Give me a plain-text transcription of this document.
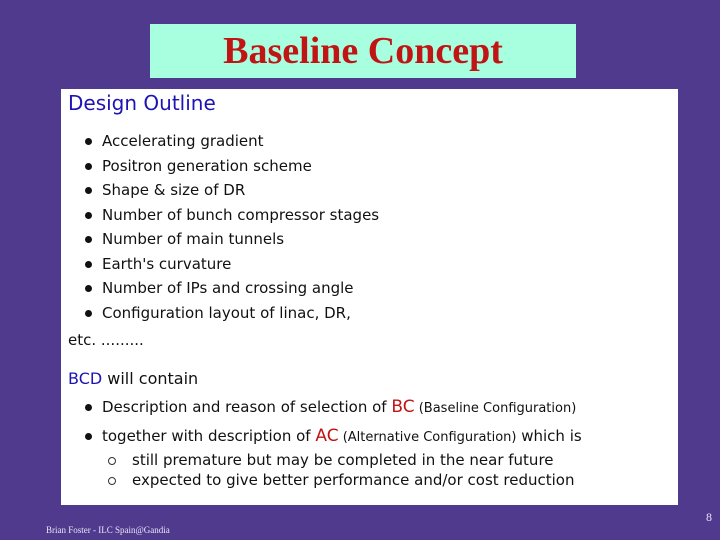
Baseline Concept
Design Outline
Accelerating gradient
Positron generation scheme
Shape & size of DR
Number of bunch compressor stages
Number of main tunnels
Earth's curvature
Number of IPs and crossing angle
Configuration layout of linac, DR,
etc. .........
BCD will contain
Description and reason of selection of BC (Baseline Configuration)
together with description of AC (Alternative Configuration) which is
still premature but may be completed in the near future
expected to give better performance and/or cost reduction
Brian Foster - ILC Spain@Gandia
8
